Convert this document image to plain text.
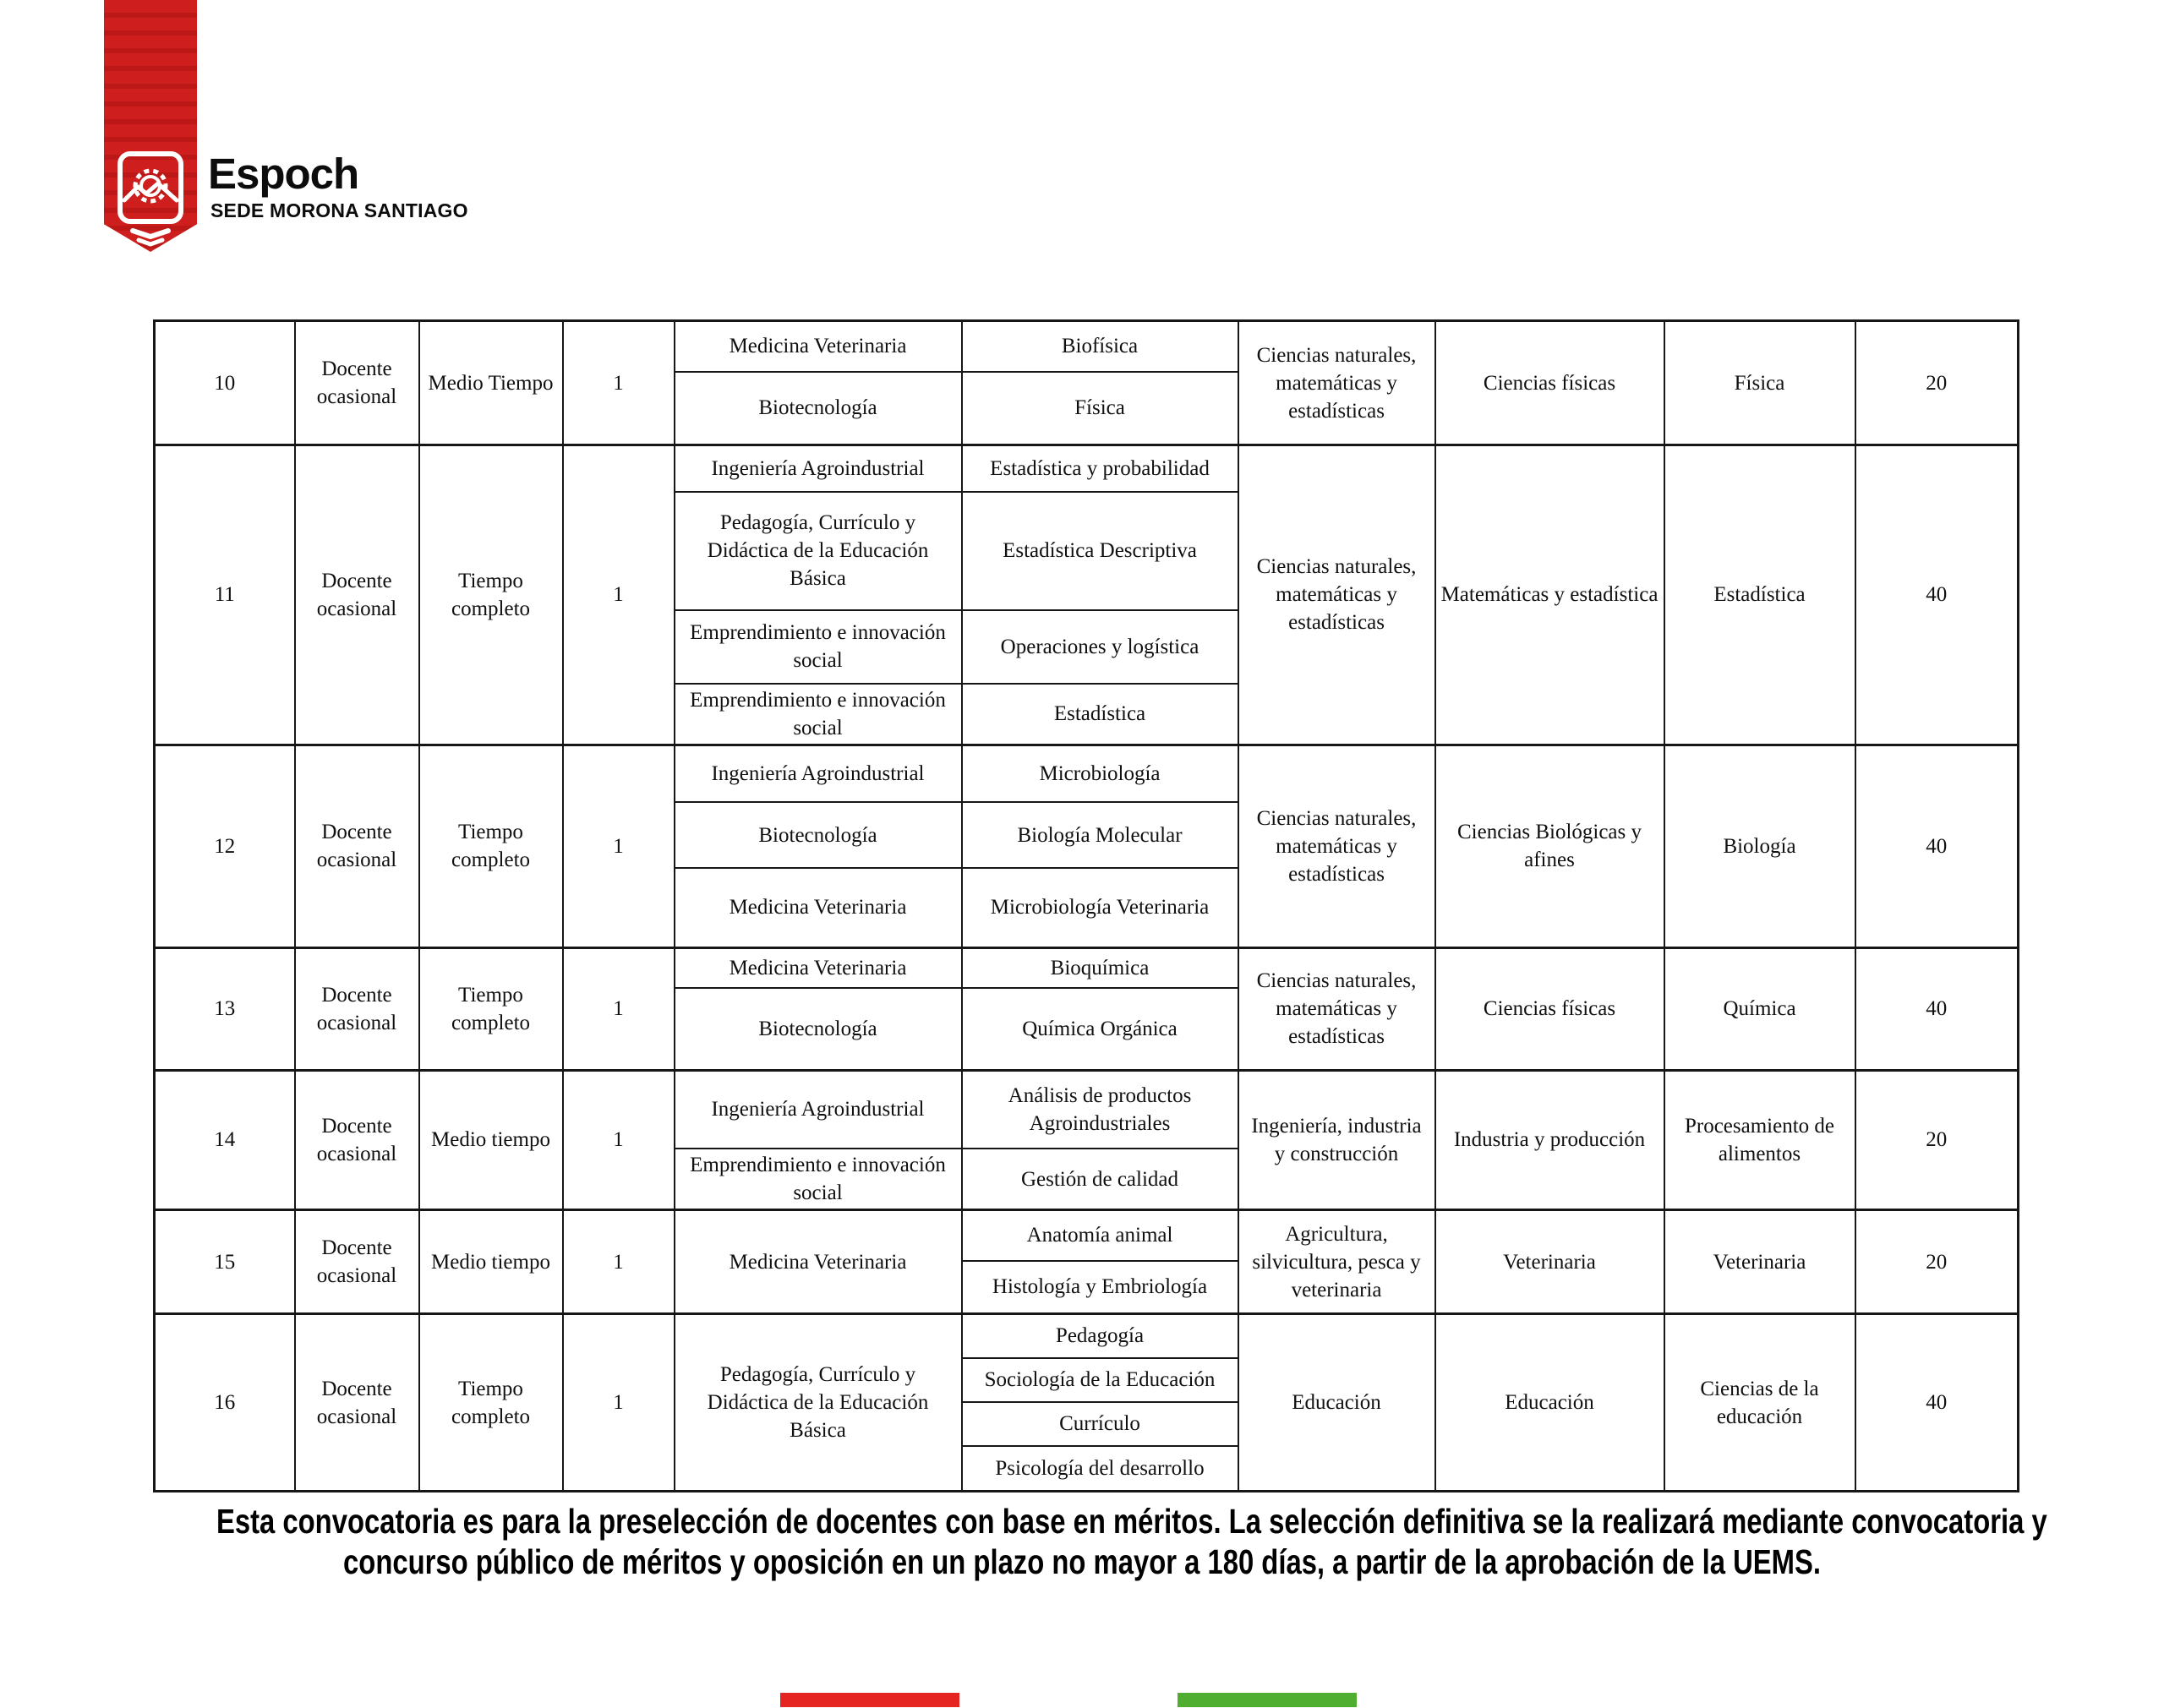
Espoch
SEDE MORONA SANTIAGO
10	Docente ocasional	Medio Tiempo	1	Medicina Veterinaria	Biofísica	Ciencias naturales, matemáticas y estadísticas	Ciencias físicas	Física	20
				Biotecnología	Física				
11	Docente ocasional	Tiempo completo	1	Ingeniería Agroindustrial	Estadística y probabilidad	Ciencias naturales, matemáticas y estadísticas	Matemáticas y estadística	Estadística	40
				Pedagogía, Currículo y Didáctica de la Educación Básica	Estadística Descriptiva				
				Emprendimiento e innovación social	Operaciones y logística				
				Emprendimiento e innovación social	Estadística				
12	Docente ocasional	Tiempo completo	1	Ingeniería Agroindustrial	Microbiología	Ciencias naturales, matemáticas y estadísticas	Ciencias Biológicas y afines	Biología	40
				Biotecnología	Biología Molecular				
				Medicina Veterinaria	Microbiología Veterinaria				
13	Docente ocasional	Tiempo completo	1	Medicina Veterinaria	Bioquímica	Ciencias naturales, matemáticas y estadísticas	Ciencias físicas	Química	40
				Biotecnología	Química Orgánica				
14	Docente ocasional	Medio tiempo	1	Ingeniería Agroindustrial	Análisis de productos Agroindustriales	Ingeniería, industria y construcción	Industria y producción	Procesamiento de alimentos	20
				Emprendimiento e innovación social	Gestión de calidad				
15	Docente ocasional	Medio tiempo	1	Medicina Veterinaria	Anatomía animal	Agricultura, silvicultura, pesca y veterinaria	Veterinaria	Veterinaria	20
					Histología y Embriología				
16	Docente ocasional	Tiempo completo	1	Pedagogía, Currículo y Didáctica de la Educación Básica	Pedagogía	Educación	Educación	Ciencias de la educación	40
					Sociología de la Educación				
					Currículo				
					Psicología del desarrollo				
Esta convocatoria es para la preselección de docentes con base en méritos. La selección definitiva se la realizará mediante convocatoria y
concurso público de méritos y oposición en un plazo no mayor a 180 días, a partir de la aprobación de la UEMS.
